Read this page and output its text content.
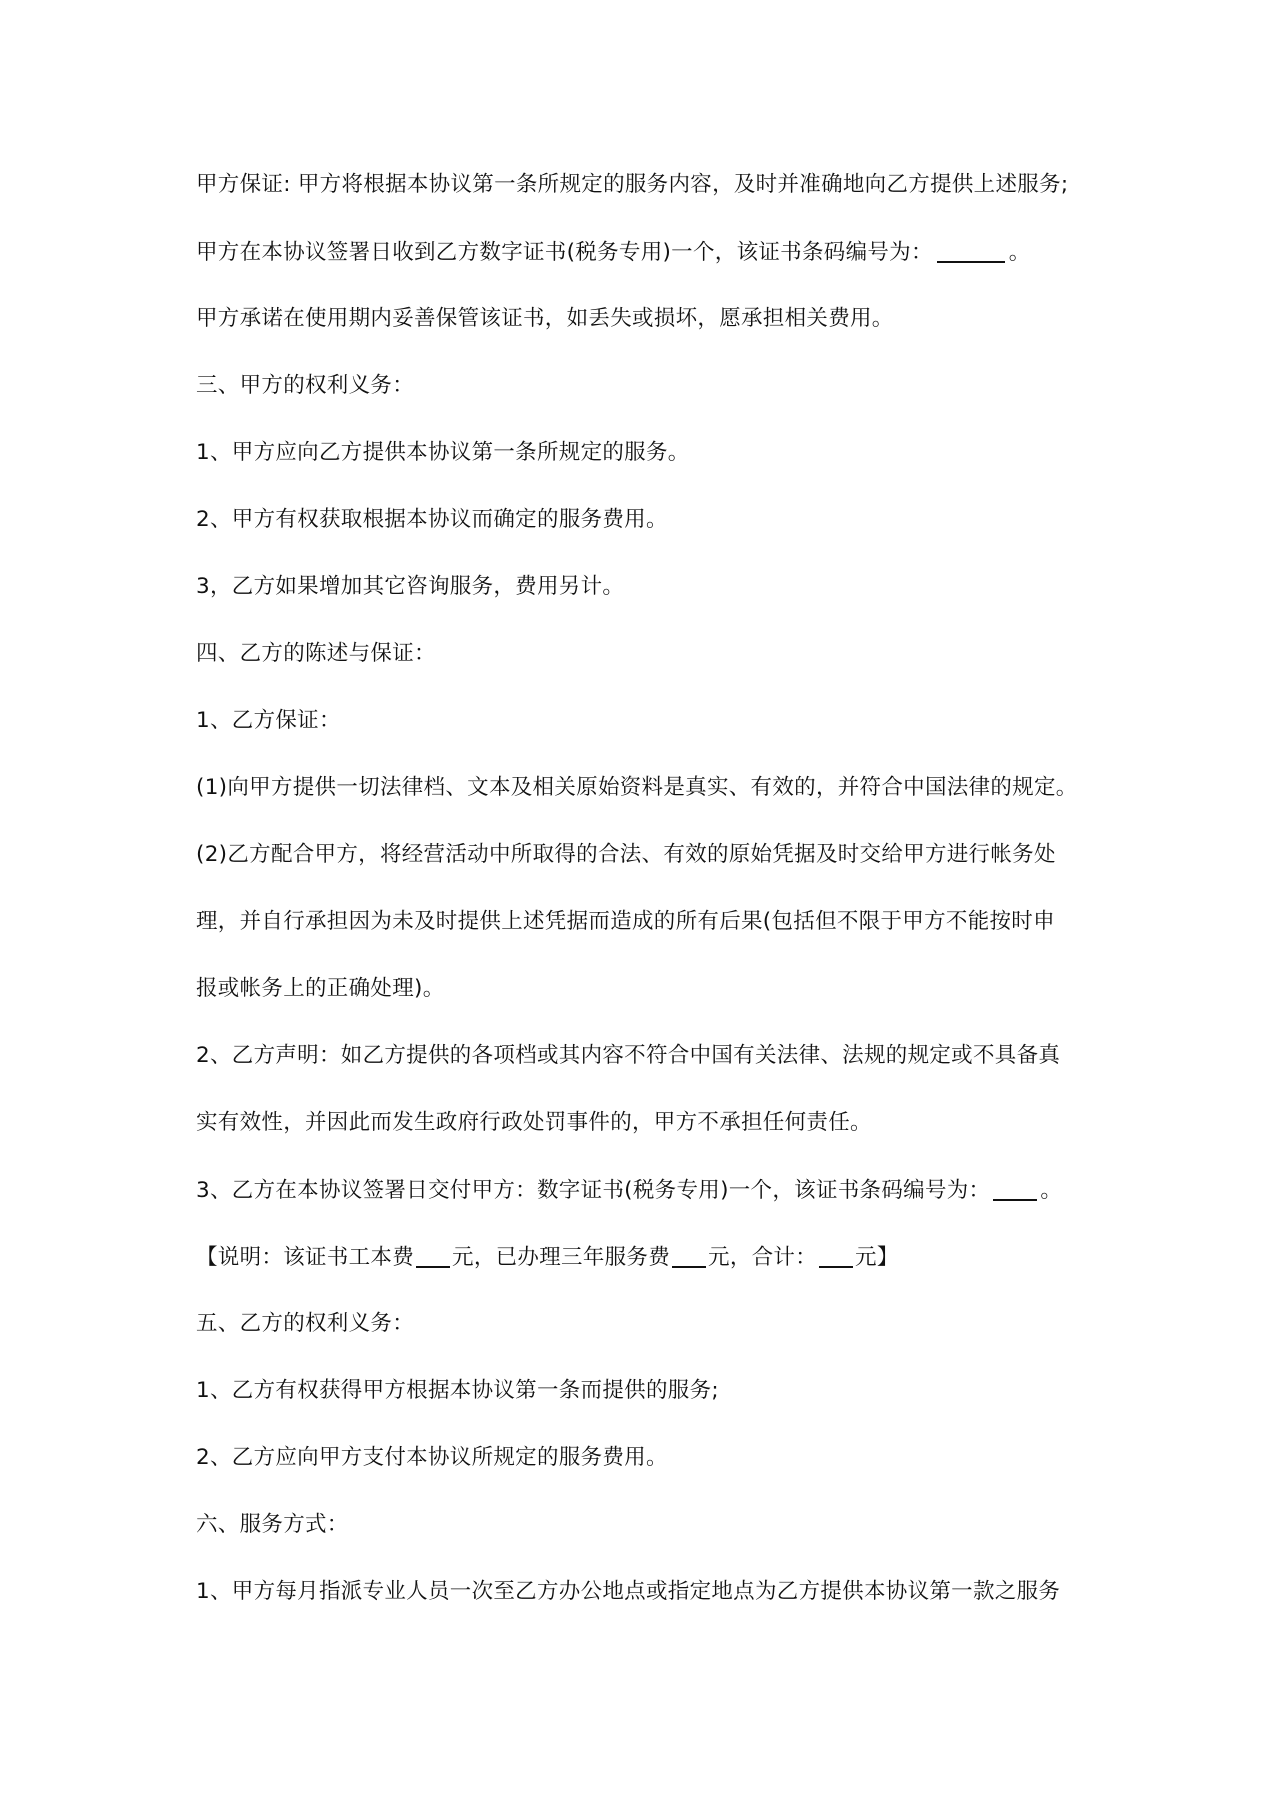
甲方保证: 甲方将根据本协议第一条所规定的服务内容，及时并准确地向乙方提供上述服务;

甲方在本协议签署日收到乙方数字证书(税务专用)一个，该证书条码编号为：	。

甲方承诺在使用期内妥善保管该证书，如丢失或损坏，愿承担相关费用。

三、甲方的权利义务：

1、甲方应向乙方提供本协议第一条所规定的服务。

2、甲方有权获取根据本协议而确定的服务费用。

3，乙方如果增加其它咨询服务，费用另计。

四、乙方的陈述与保证：

1、乙方保证：

(1)向甲方提供一切法律档、文本及相关原始资料是真实、有效的，并符合中国法律的规定。

(2)乙方配合甲方，将经营活动中所取得的合法、有效的原始凭据及时交给甲方进行帐务处

理，并自行承担因为未及时提供上述凭据而造成的所有后果(包括但不限于甲方不能按时申

报或帐务上的正确处理)。

2、乙方声明：如乙方提供的各项档或其内容不符合中国有关法律、法规的规定或不具备真

实有效性，并因此而发生政府行政处罚事件的，甲方不承担任何责任。

3、乙方在本协议签署日交付甲方：数字证书(税务专用)一个，该证书条码编号为： 。

【说明：该证书工本费 元，已办理三年服务费 元，合计： 元】

五、乙方的权利义务：

1、乙方有权获得甲方根据本协议第一条而提供的服务;

2、乙方应向甲方支付本协议所规定的服务费用。

六、服务方式：

1、甲方每月指派专业人员一次至乙方办公地点或指定地点为乙方提供本协议第一款之服务
